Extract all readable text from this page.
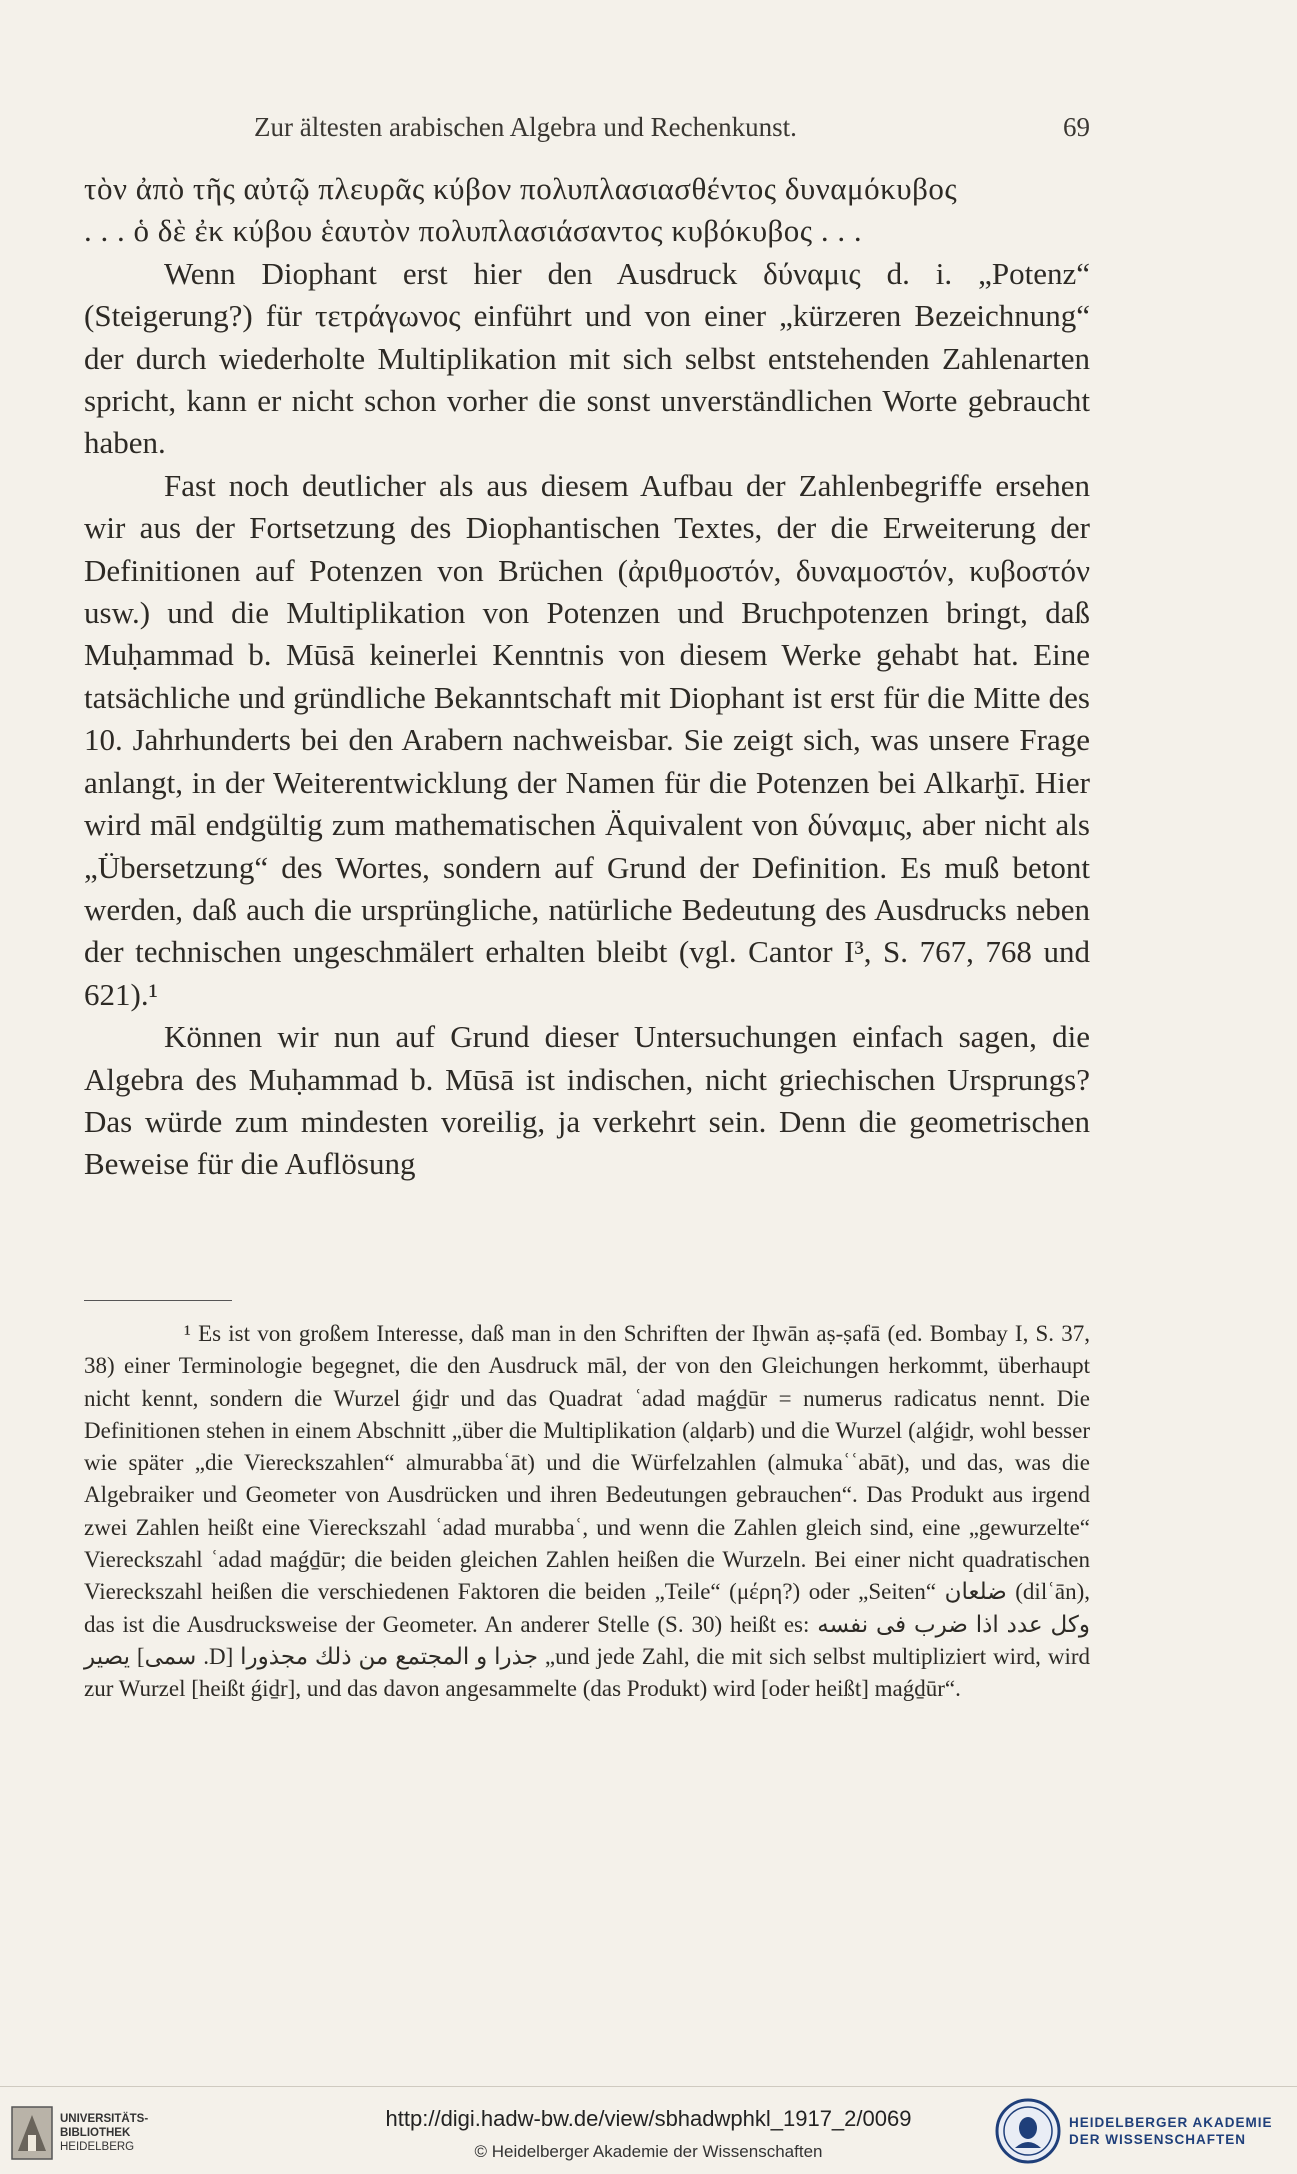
Zur ältesten arabischen Algebra und Rechenkunst.	69

τὸν ἀπὸ τῆς αὐτῷ πλευρᾶς κύβον πολυπλασιασθέντος δυναμόκυβος

. . . ὁ δὲ ἐκ κύβου ἑαυτὸν πολυπλασιάσαντος κυβόκυβος . . .

Wenn Diophant erst hier den Ausdruck δύναμις d. i. „Potenz“ (Steigerung?) für τετράγωνος einführt und von einer „kürzeren Bezeichnung“ der durch wiederholte Multiplikation mit sich selbst entstehenden Zahlenarten spricht, kann er nicht schon vorher die sonst unverständlichen Worte gebraucht haben.

Fast noch deutlicher als aus diesem Aufbau der Zahlenbegriffe ersehen wir aus der Fortsetzung des Diophantischen Textes, der die Erweiterung der Definitionen auf Potenzen von Brüchen (ἀριθμοστόν, δυναμοστόν, κυβοστόν usw.) und die Multiplikation von Potenzen und Bruchpotenzen bringt, daß Muḥammad b. Mūsā keinerlei Kenntnis von diesem Werke gehabt hat. Eine tatsächliche und gründliche Bekanntschaft mit Diophant ist erst für die Mitte des 10. Jahrhunderts bei den Arabern nachweisbar. Sie zeigt sich, was unsere Frage anlangt, in der Weiterentwicklung der Namen für die Potenzen bei Alkarḫī. Hier wird māl endgültig zum mathematischen Äquivalent von δύναμις, aber nicht als „Übersetzung“ des Wortes, sondern auf Grund der Definition. Es muß betont werden, daß auch die ursprüngliche, natürliche Bedeutung des Ausdrucks neben der technischen ungeschmälert erhalten bleibt (vgl. Cantor I³, S. 767, 768 und 621).¹

Können wir nun auf Grund dieser Untersuchungen einfach sagen, die Algebra des Muḥammad b. Mūsā ist indischen, nicht griechischen Ursprungs? Das würde zum mindesten voreilig, ja verkehrt sein. Denn die geometrischen Beweise für die Auflösung

¹ Es ist von großem Interesse, daß man in den Schriften der Iḫwān aṣ-ṣafā (ed. Bombay I, S. 37, 38) einer Terminologie begegnet, die den Ausdruck māl, der von den Gleichungen herkommt, überhaupt nicht kennt, sondern die Wurzel ǵiḏr und das Quadrat ʿadad maǵḏūr = numerus radicatus nennt. Die Definitionen stehen in einem Abschnitt „über die Multiplikation (alḍarb) und die Wurzel (alǵiḏr, wohl besser wie später „die Viereckszahlen“ almurabbaʿāt) und die Würfelzahlen (almukaʿʿabāt), und das, was die Algebraiker und Geometer von Ausdrücken und ihren Bedeutungen gebrauchen“. Das Produkt aus irgend zwei Zahlen heißt eine Viereckszahl ʿadad murabbaʿ, und wenn die Zahlen gleich sind, eine „gewurzelte“ Viereckszahl ʿadad maǵḏūr; die beiden gleichen Zahlen heißen die Wurzeln. Bei einer nicht quadratischen Viereckszahl heißen die verschiedenen Faktoren die beiden „Teile“ (μέρη?) oder „Seiten“ ضلعان (dilʿān), das ist die Ausdrucksweise der Geometer. An anderer Stelle (S. 30) heißt es: وكل عدد اذا ضرب فى نفسه يصير [سمى .D] جذرا و المجتمع من ذلك مجذورا „und jede Zahl, die mit sich selbst multipliziert wird, wird zur Wurzel [heißt ǵiḏr], und das davon angesammelte (das Produkt) wird [oder heißt] maǵḏūr“.
UNIVERSITÄTS-
BIBLIOTHEK
HEIDELBERG
http://digi.hadw-bw.de/view/sbhadwphkl_1917_2/0069
© Heidelberger Akademie der Wissenschaften
HEIDELBERGER AKADEMIE
DER WISSENSCHAFTEN
